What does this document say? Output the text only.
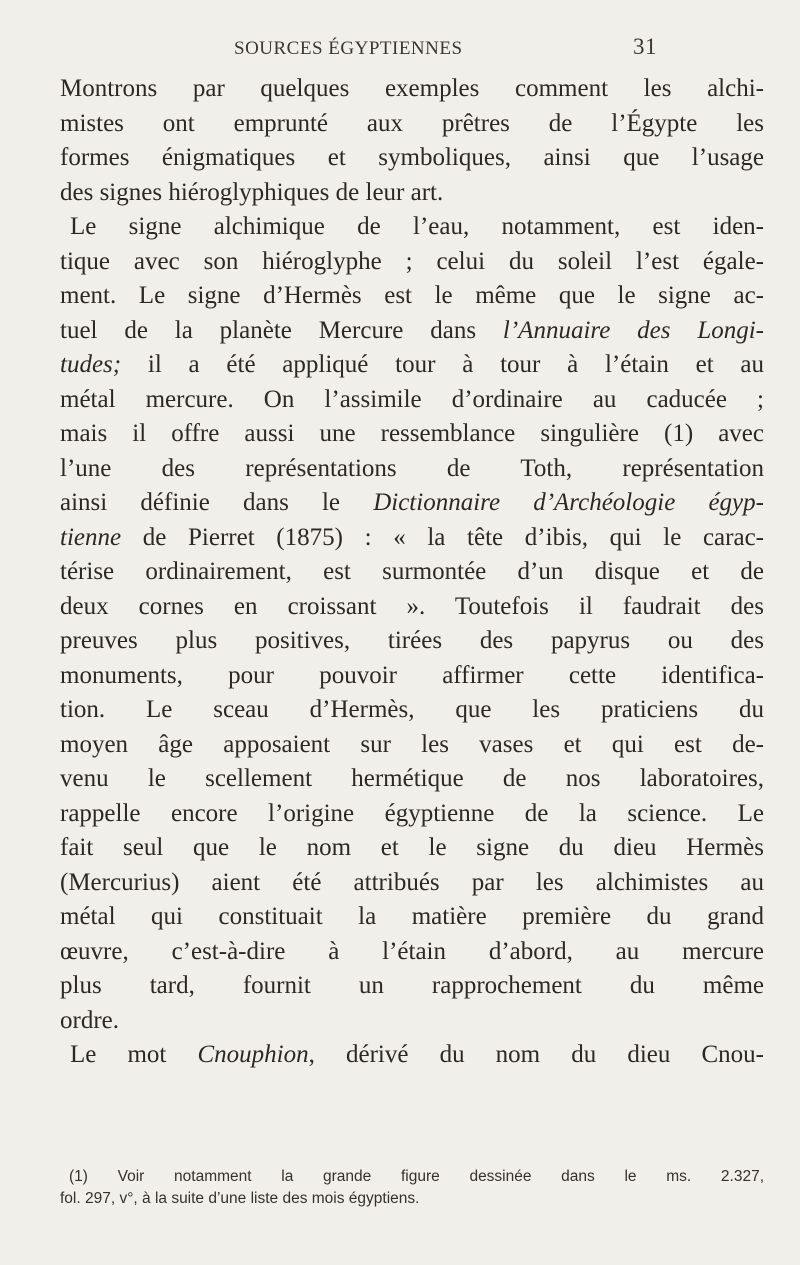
SOURCES ÉGYPTIENNES	31
Montrons par quelques exemples comment les alchi-
mistes ont emprunté aux prêtres de l’Égypte les
formes énigmatiques et symboliques, ainsi que l’usage
des signes hiéroglyphiques de leur art.
Le signe alchimique de l’eau, notamment, est iden-
tique avec son hiéroglyphe ; celui du soleil l’est égale-
ment. Le signe d’Hermès est le même que le signe ac-
tuel de la planète Mercure dans l’Annuaire des Longi-
tudes; il a été appliqué tour à tour à l’étain et au
métal mercure. On l’assimile d’ordinaire au caducée ;
mais il offre aussi une ressemblance singulière (1) avec
l’une des représentations de Toth, représentation
ainsi définie dans le Dictionnaire d’Archéologie égyp-
tienne de Pierret (1875) : « la tête d’ibis, qui le carac-
térise ordinairement, est surmontée d’un disque et de
deux cornes en croissant ». Toutefois il faudrait des
preuves plus positives, tirées des papyrus ou des
monuments, pour pouvoir affirmer cette identifica-
tion. Le sceau d’Hermès, que les praticiens du
moyen âge apposaient sur les vases et qui est de-
venu le scellement hermétique de nos laboratoires,
rappelle encore l’origine égyptienne de la science. Le
fait seul que le nom et le signe du dieu Hermès
(Mercurius) aient été attribués par les alchimistes au
métal qui constituait la matière première du grand
œuvre, c’est-à-dire à l’étain d’abord, au mercure
plus tard, fournit un rapprochement du même
ordre.
Le mot Cnouphion, dérivé du nom du dieu Cnou-
(1) Voir notamment la grande figure dessinée dans le ms. 2.327,
fol. 297, v°, à la suite d’une liste des mois égyptiens.
